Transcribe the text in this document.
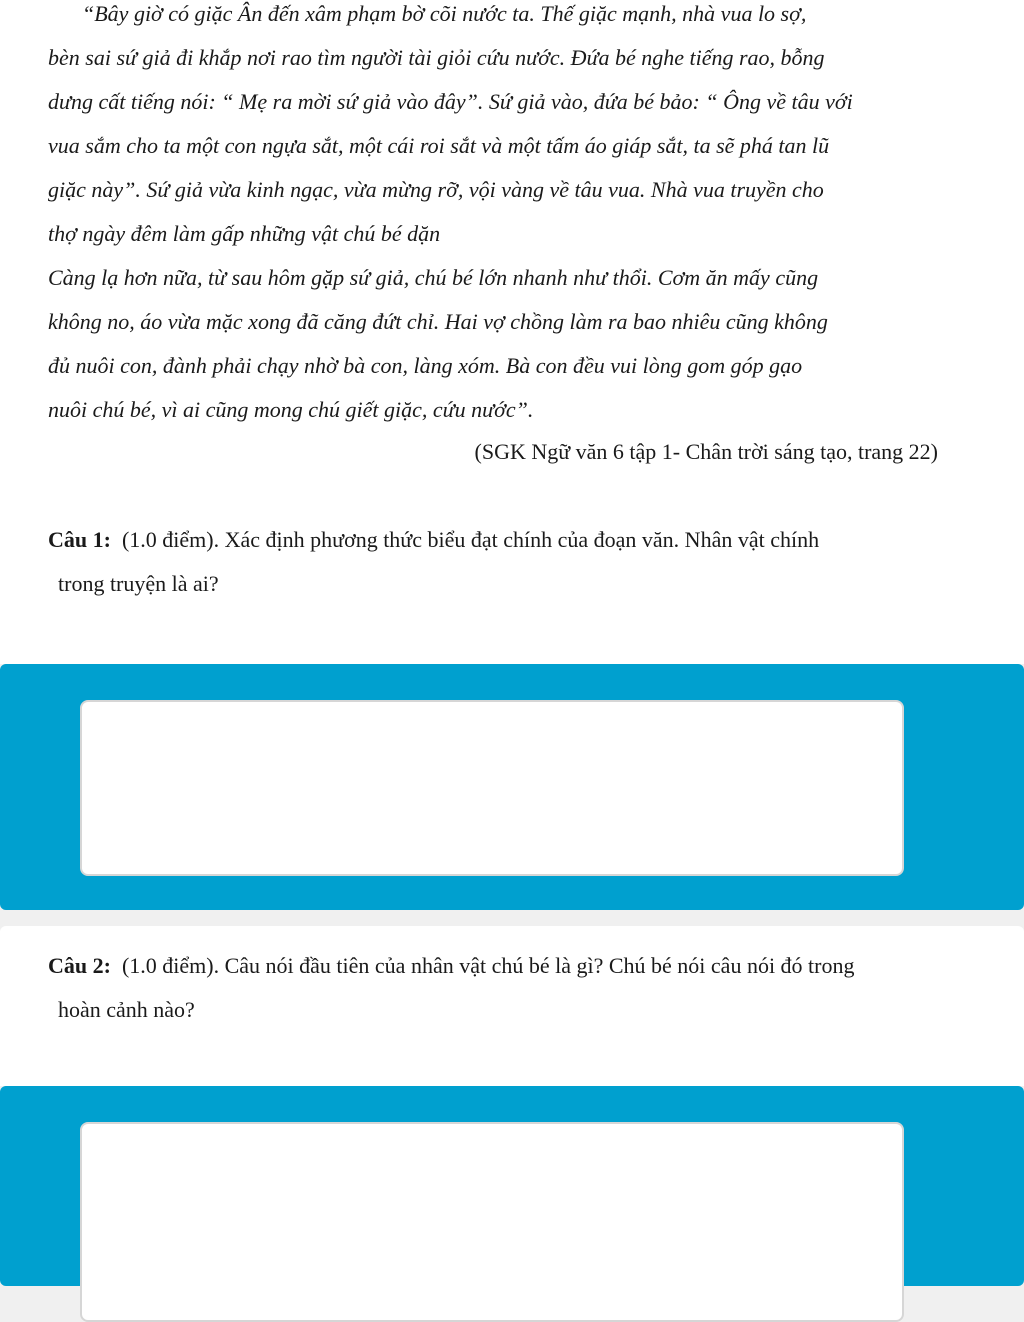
“Bây giờ có giặc Ân đến xâm phạm bờ cõi nước ta. Thế giặc mạnh, nhà vua lo sợ,

bèn sai sứ giả đi khắp nơi rao tìm người tài giỏi cứu nước. Đứa bé nghe tiếng rao, bỗng

dưng cất tiếng nói: “ Mẹ ra mời sứ giả vào đây”. Sứ giả vào, đứa bé bảo: “ Ông về tâu với

vua sắm cho ta một con ngựa sắt, một cái roi sắt và một tấm áo giáp sắt, ta sẽ phá tan lũ

giặc này”. Sứ giả vừa kinh ngạc, vừa mừng rỡ, vội vàng về tâu vua. Nhà vua truyền cho

thợ ngày đêm làm gấp những vật chú bé dặn

Càng lạ hơn nữa, từ sau hôm gặp sứ giả, chú bé lớn nhanh như thổi. Cơm ăn mấy cũng

không no, áo vừa mặc xong đã căng đứt chỉ. Hai vợ chồng làm ra bao nhiêu cũng không

đủ nuôi con, đành phải chạy nhờ bà con, làng xóm. Bà con đều vui lòng gom góp gạo

nuôi chú bé, vì ai cũng mong chú giết giặc, cứu nước”.

(SGK Ngữ văn 6 tập 1- Chân trời sáng tạo, trang 22)
Câu 1: (1.0 điểm). Xác định phương thức biểu đạt chính của đoạn văn. Nhân vật chính
trong truyện là ai?
Câu 2: (1.0 điểm). Câu nói đầu tiên của nhân vật chú bé là gì? Chú bé nói câu nói đó trong
hoàn cảnh nào?
